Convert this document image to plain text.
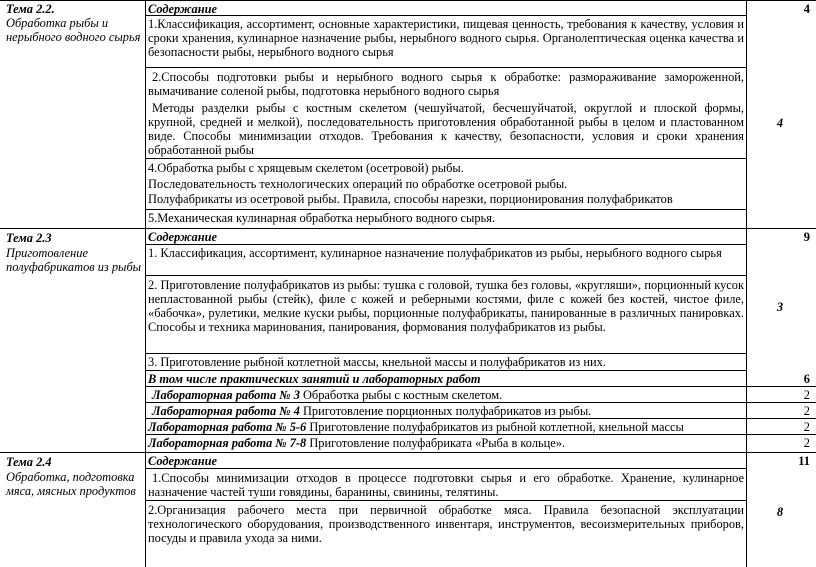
Тема 2.2.
Обработка рыбы и нерыбного водного сырья
Содержание	4
1.Классификация, ассортимент, основные характеристики, пищевая ценность, требования к качеству, условия и сроки хранения, кулинарное назначение рыбы, нерыбного водного сырья. Органолептическая оценка качества и безопасности рыбы, нерыбного водного сырья
2.Способы подготовки рыбы и нерыбного водного сырья к обработке: размораживание замороженной, вымачивание соленой рыбы, подготовка нерыбного водного сырья
Методы разделки рыбы с костным скелетом (чешуйчатой, бесчешуйчатой, округлой и плоской формы, крупной, средней и мелкой), последовательность приготовления обработанной рыбы в целом и пластованном виде. Способы минимизации отходов. Требования к качеству, безопасности, условия и сроки хранения обработанной рыбы
4.Обработка рыбы с хрящевым скелетом (осетровой) рыбы.
Последовательность технологических операций по обработке осетровой рыбы.
Полуфабрикаты из осетровой рыбы. Правила, способы нарезки, порционирования полуфабрикатов
5.Механическая кулинарная обработка нерыбного водного сырья.
4
Тема 2.3
Приготовление полуфабрикатов из рыбы
Содержание	9
1. Классификация, ассортимент, кулинарное назначение полуфабрикатов из рыбы, нерыбного водного сырья
2. Приготовление полуфабрикатов из рыбы: тушка с головой, тушка без головы, «кругляши», порционный кусок непластованной рыбы (стейк), филе с кожей и реберными костями, филе с кожей без костей, чистое филе, «бабочка», рулетики, мелкие куски рыбы, порционные полуфабрикаты, панированные в различных панировках. Способы и техника маринования, панирования, формования полуфабрикатов из рыбы.
3. Приготовление рыбной котлетной массы, кнельной массы и полуфабрикатов из них.
3
В том числе практических занятий и лабораторных работ	6
Лабораторная работа № 3 Обработка рыбы с костным скелетом.	2
Лабораторная работа № 4 Приготовление порционных полуфабрикатов из рыбы.	2
Лабораторная работа № 5-6 Приготовление полуфабрикатов из рыбной котлетной, кнельной массы	2
Лабораторная работа № 7-8 Приготовление полуфабриката «Рыба в кольце».	2
Тема 2.4
Обработка, подготовка мяса, мясных продуктов
Содержание	11
1.Способы минимизации отходов в процессе подготовки сырья и его обработке. Хранение, кулинарное назначение частей туши говядины, баранины, свинины, телятины.
2.Организация рабочего места при первичной обработке мяса. Правила безопасной эксплуатации технологического оборудования, производственного инвентаря, инструментов, весоизмерительных приборов, посуды и правила ухода за ними.
8
